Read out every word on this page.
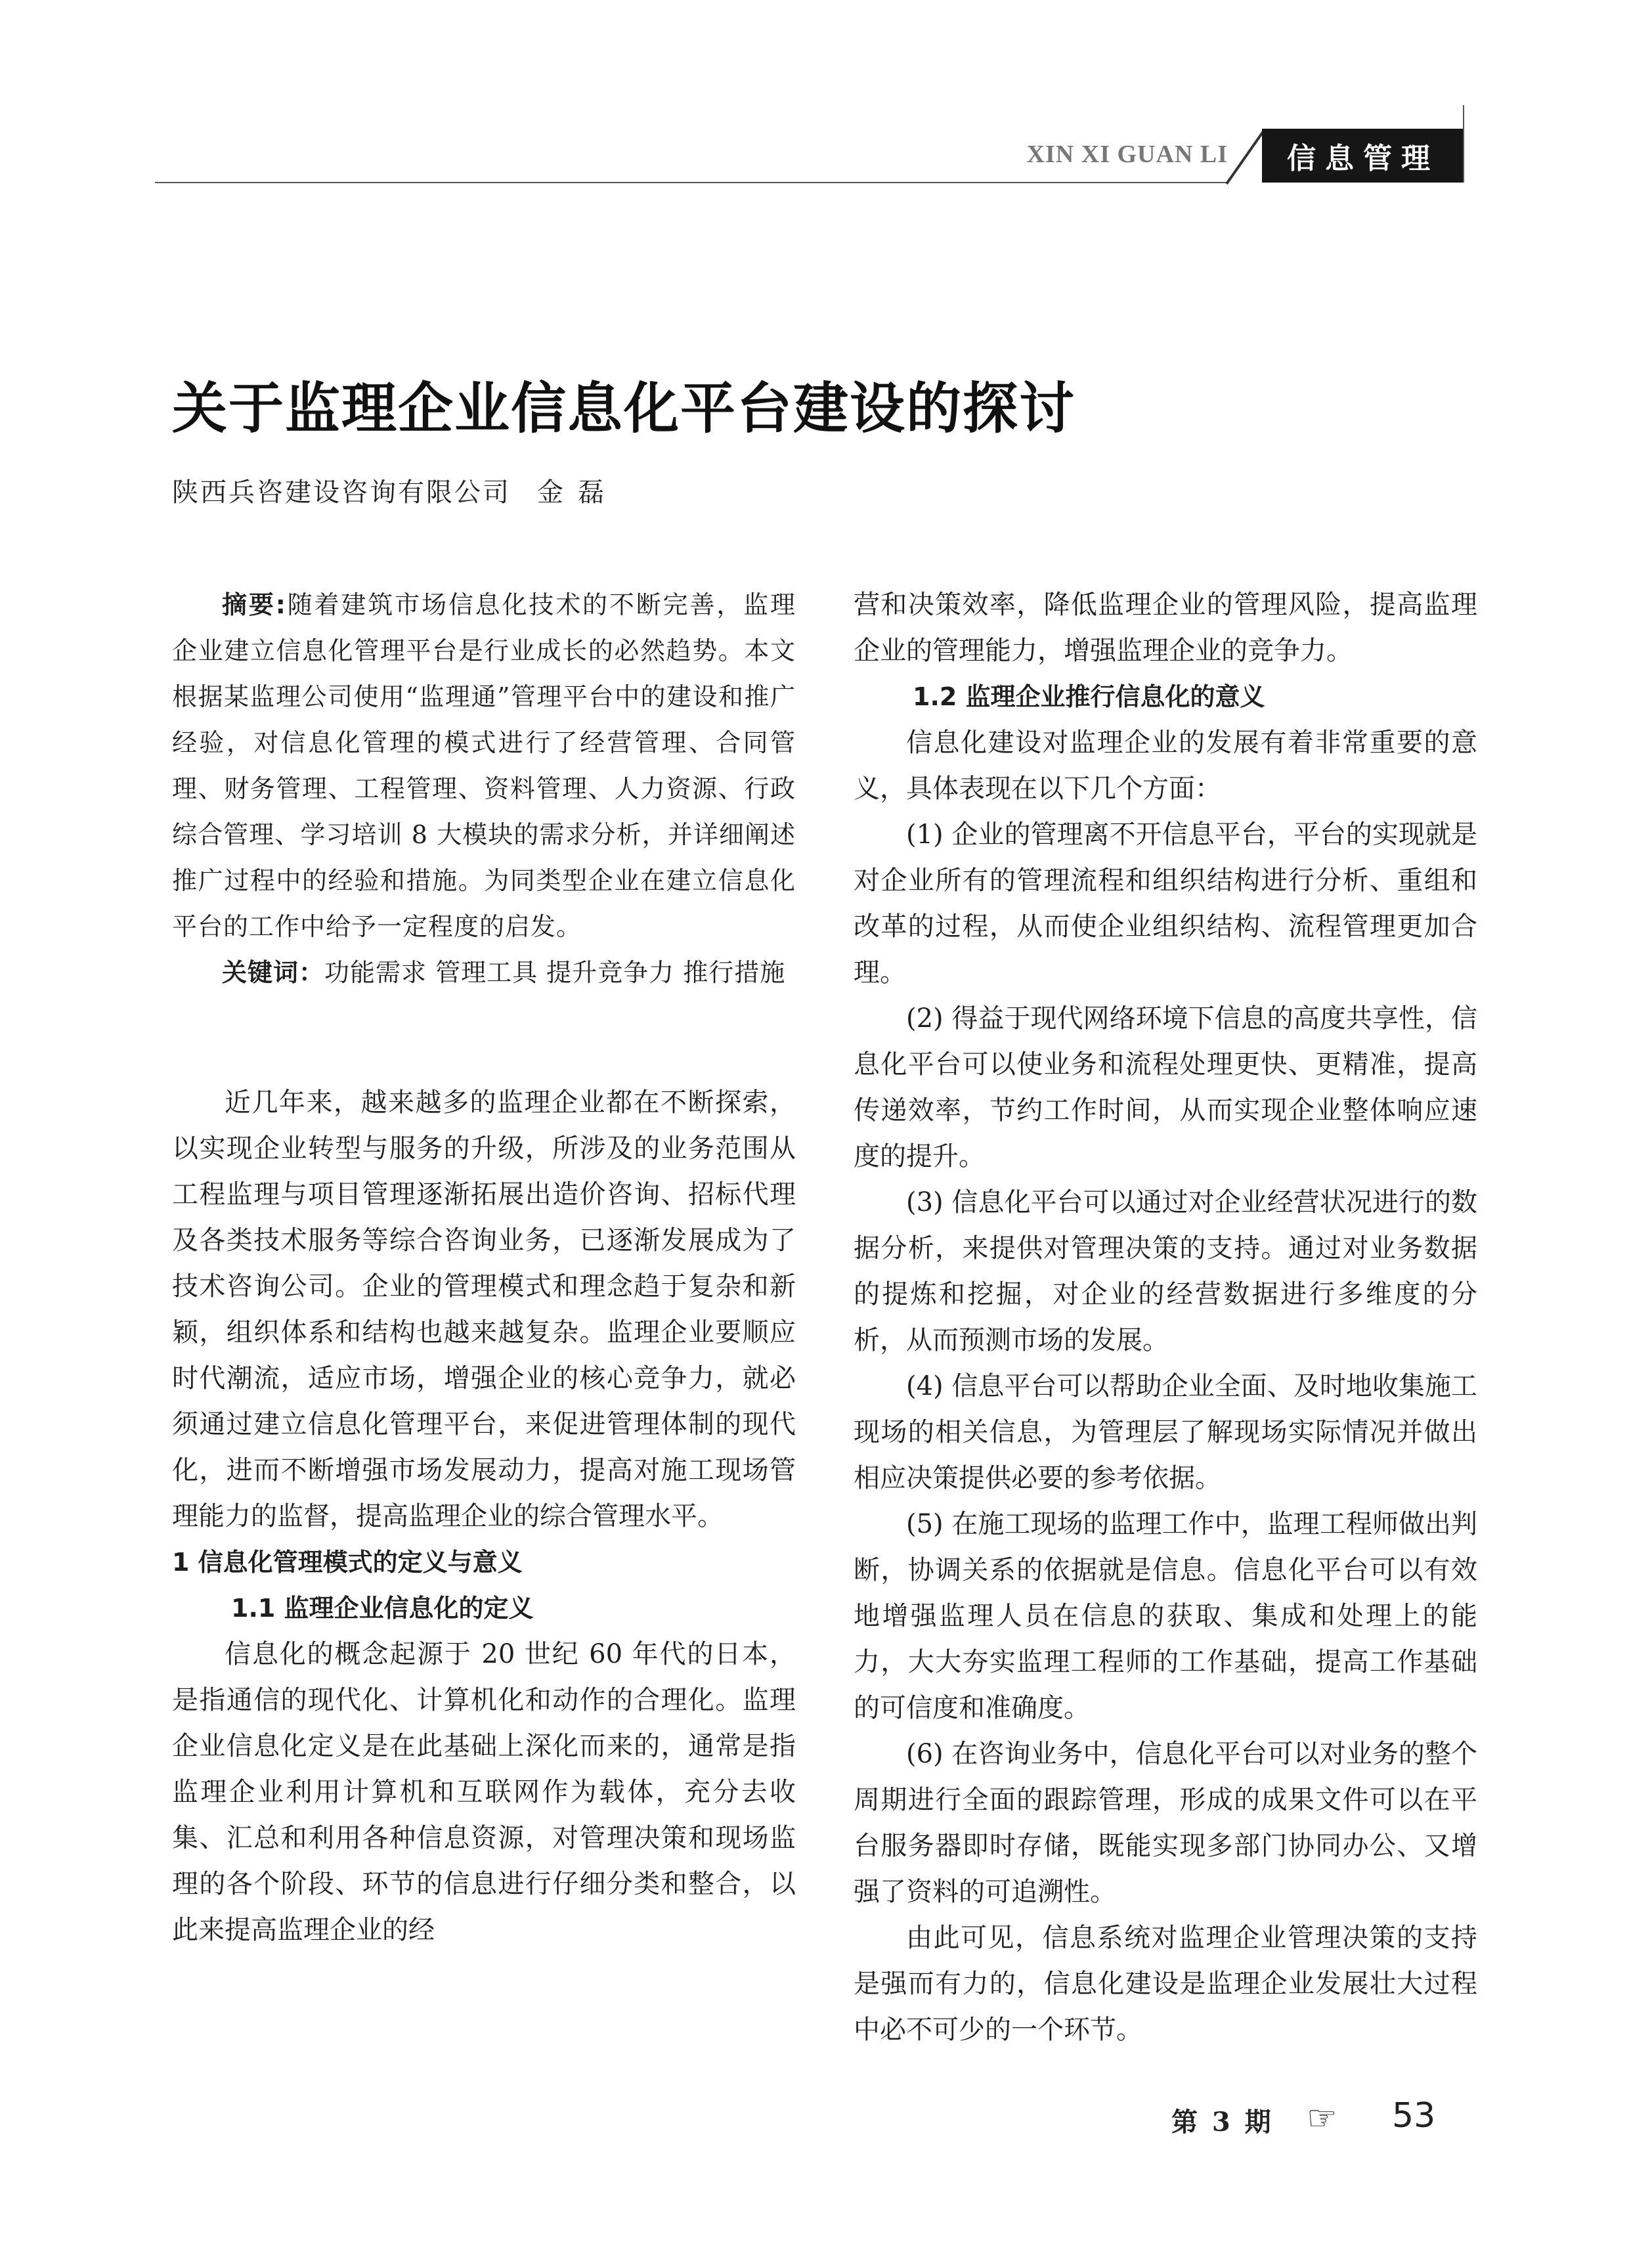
XIN XI GUAN LI	信息管理
关于监理企业信息化平台建设的探讨
陕西兵咨建设咨询有限公司 金磊

摘要:随着建筑市场信息化技术的不断完善，监理企业建立信息化管理平台是行业成长的必然趋势。本文根据某监理公司使用“监理通”管理平台中的建设和推广经验，对信息化管理的模式进行了经营管理、合同管理、财务管理、工程管理、资料管理、人力资源、行政综合管理、学习培训 8 大模块的需求分析，并详细阐述推广过程中的经验和措施。为同类型企业在建立信息化平台的工作中给予一定程度的启发。

关键词：功能需求 管理工具 提升竞争力 推行措施

近几年来，越来越多的监理企业都在不断探索，以实现企业转型与服务的升级，所涉及的业务范围从工程监理与项目管理逐渐拓展出造价咨询、招标代理及各类技术服务等综合咨询业务，已逐渐发展成为了技术咨询公司。企业的管理模式和理念趋于复杂和新颖，组织体系和结构也越来越复杂。监理企业要顺应时代潮流，适应市场，增强企业的核心竞争力，就必须通过建立信息化管理平台，来促进管理体制的现代化，进而不断增强市场发展动力，提高对施工现场管理能力的监督，提高监理企业的综合管理水平。

1 信息化管理模式的定义与意义
1.1 监理企业信息化的定义

信息化的概念起源于 20 世纪 60 年代的日本，是指通信的现代化、计算机化和动作的合理化。监理企业信息化定义是在此基础上深化而来的，通常是指监理企业利用计算机和互联网作为载体，充分去收集、汇总和利用各种信息资源，对管理决策和现场监理的各个阶段、环节的信息进行仔细分类和整合，以此来提高监理企业的经

营和决策效率，降低监理企业的管理风险，提高监理企业的管理能力，增强监理企业的竞争力。

1.2 监理企业推行信息化的意义

信息化建设对监理企业的发展有着非常重要的意义，具体表现在以下几个方面：

(1) 企业的管理离不开信息平台，平台的实现就是对企业所有的管理流程和组织结构进行分析、重组和改革的过程，从而使企业组织结构、流程管理更加合理。

(2) 得益于现代网络环境下信息的高度共享性，信息化平台可以使业务和流程处理更快、更精准，提高传递效率，节约工作时间，从而实现企业整体响应速度的提升。

(3) 信息化平台可以通过对企业经营状况进行的数据分析，来提供对管理决策的支持。通过对业务数据的提炼和挖掘，对企业的经营数据进行多维度的分析，从而预测市场的发展。

(4) 信息平台可以帮助企业全面、及时地收集施工现场的相关信息，为管理层了解现场实际情况并做出相应决策提供必要的参考依据。

(5) 在施工现场的监理工作中，监理工程师做出判断，协调关系的依据就是信息。信息化平台可以有效地增强监理人员在信息的获取、集成和处理上的能力，大大夯实监理工程师的工作基础，提高工作基础的可信度和准确度。

(6) 在咨询业务中，信息化平台可以对业务的整个周期进行全面的跟踪管理，形成的成果文件可以在平台服务器即时存储，既能实现多部门协同办公、又增强了资料的可追溯性。

由此可见，信息系统对监理企业管理决策的支持是强而有力的，信息化建设是监理企业发展壮大过程中必不可少的一个环节。

第 3 期 ☞ 53
